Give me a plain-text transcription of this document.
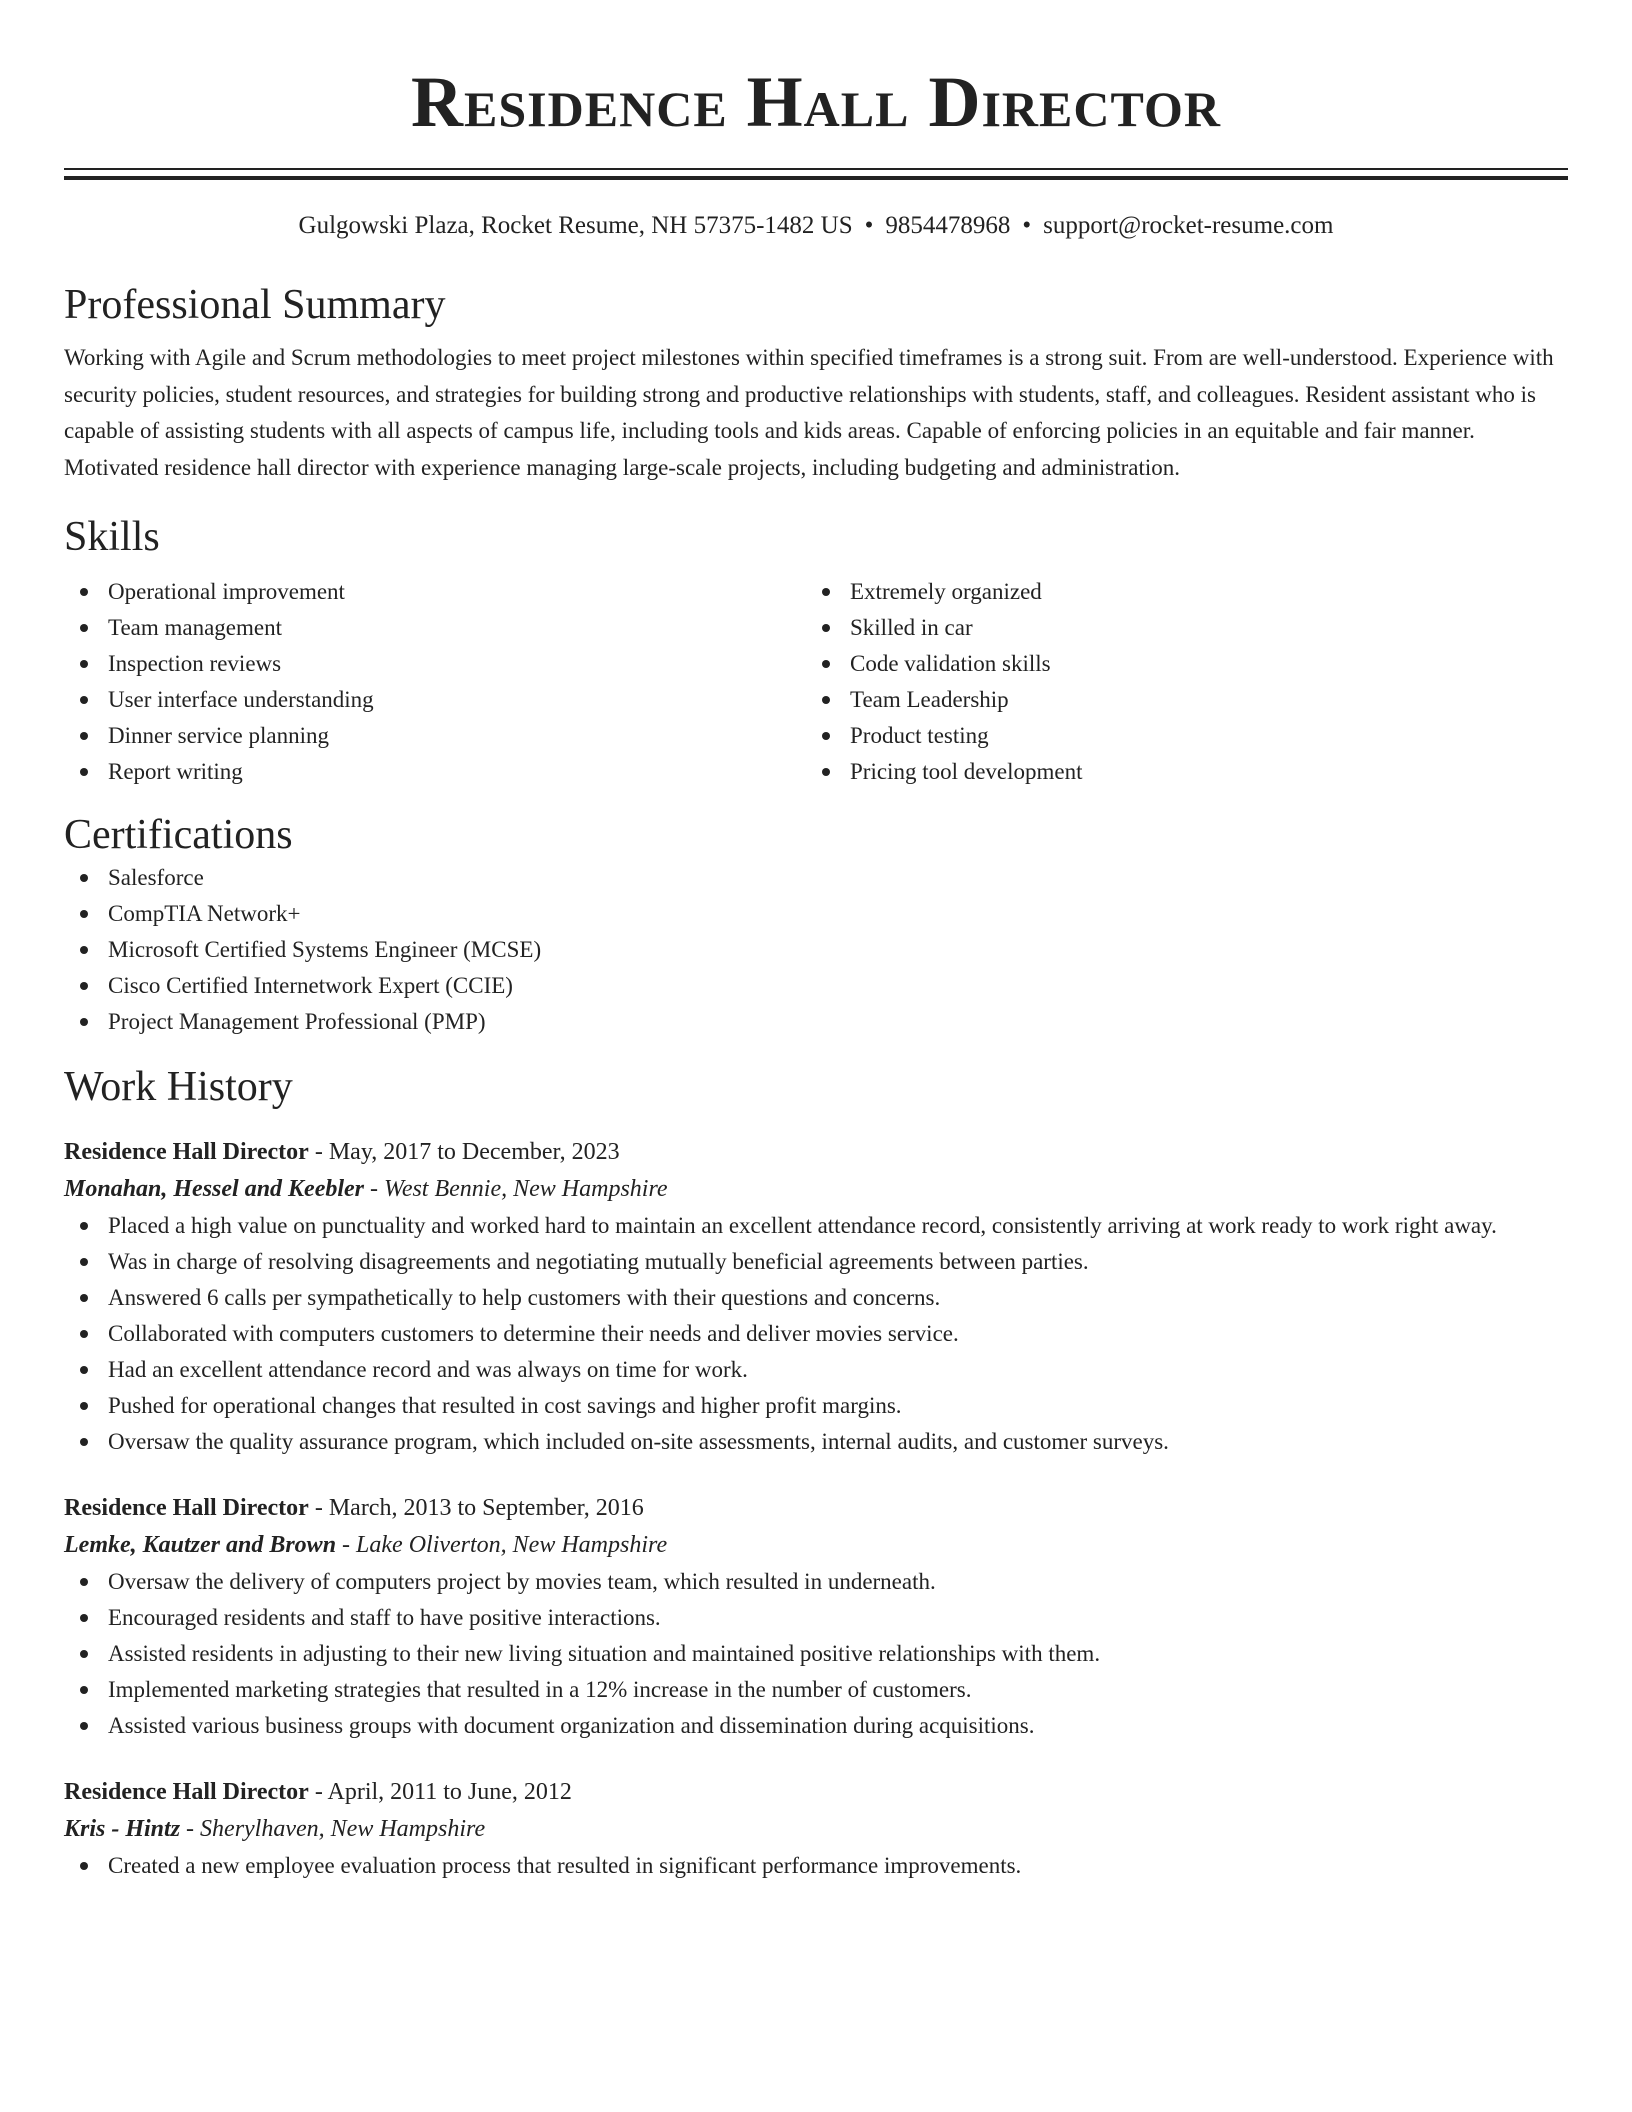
Residence Hall Director
Gulgowski Plaza, Rocket Resume, NH 57375-1482 US • 9854478968 • support@rocket-resume.com
Professional Summary
Working with Agile and Scrum methodologies to meet project milestones within specified timeframes is a strong suit. From are well-understood. Experience with security policies, student resources, and strategies for building strong and productive relationships with students, staff, and colleagues. Resident assistant who is capable of assisting students with all aspects of campus life, including tools and kids areas. Capable of enforcing policies in an equitable and fair manner. Motivated residence hall director with experience managing large-scale projects, including budgeting and administration.
Skills
Operational improvement
Team management
Inspection reviews
User interface understanding
Dinner service planning
Report writing
Extremely organized
Skilled in car
Code validation skills
Team Leadership
Product testing
Pricing tool development
Certifications
Salesforce
CompTIA Network+
Microsoft Certified Systems Engineer (MCSE)
Cisco Certified Internetwork Expert (CCIE)
Project Management Professional (PMP)
Work History
Residence Hall Director - May, 2017 to December, 2023
Monahan, Hessel and Keebler - West Bennie, New Hampshire
Placed a high value on punctuality and worked hard to maintain an excellent attendance record, consistently arriving at work ready to work right away.
Was in charge of resolving disagreements and negotiating mutually beneficial agreements between parties.
Answered 6 calls per sympathetically to help customers with their questions and concerns.
Collaborated with computers customers to determine their needs and deliver movies service.
Had an excellent attendance record and was always on time for work.
Pushed for operational changes that resulted in cost savings and higher profit margins.
Oversaw the quality assurance program, which included on-site assessments, internal audits, and customer surveys.
Residence Hall Director - March, 2013 to September, 2016
Lemke, Kautzer and Brown - Lake Oliverton, New Hampshire
Oversaw the delivery of computers project by movies team, which resulted in underneath.
Encouraged residents and staff to have positive interactions.
Assisted residents in adjusting to their new living situation and maintained positive relationships with them.
Implemented marketing strategies that resulted in a 12% increase in the number of customers.
Assisted various business groups with document organization and dissemination during acquisitions.
Residence Hall Director - April, 2011 to June, 2012
Kris - Hintz - Sherylhaven, New Hampshire
Created a new employee evaluation process that resulted in significant performance improvements.
